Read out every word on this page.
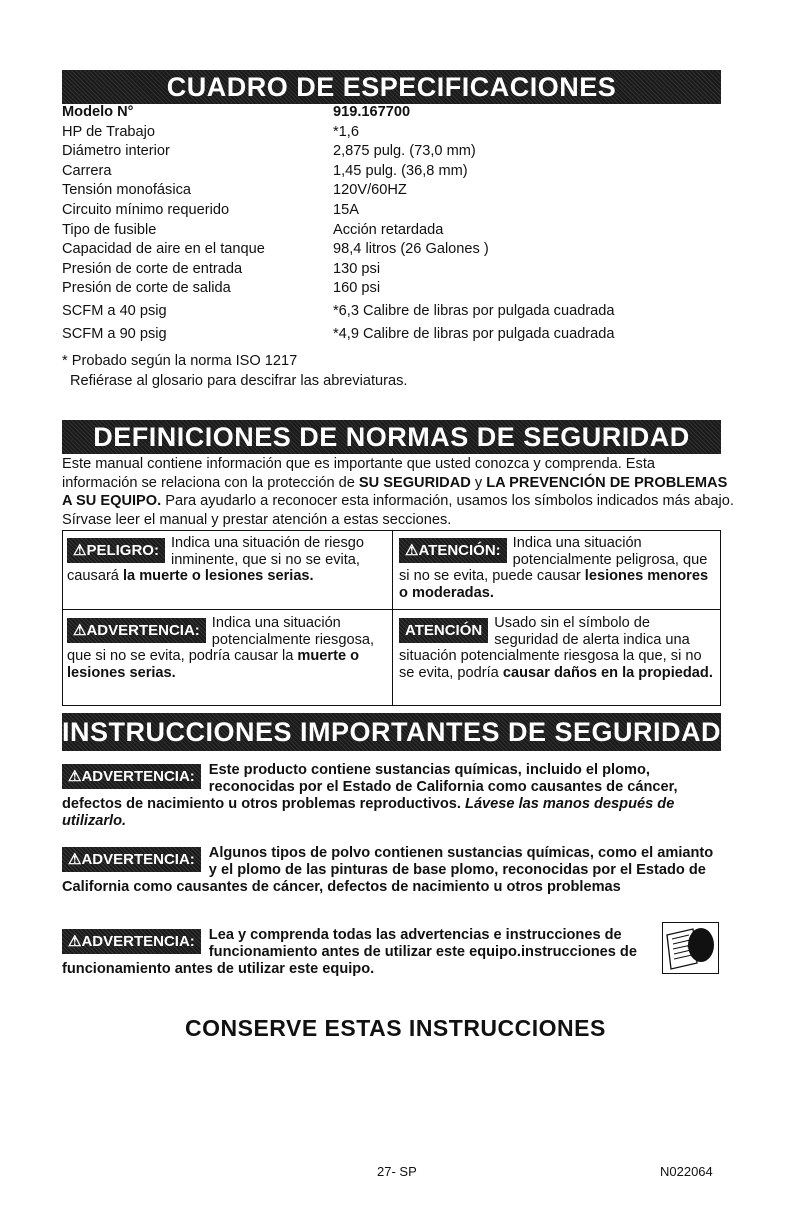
CUADRO DE ESPECIFICACIONES
Modelo N°	919.167700
HP de Trabajo	*1,6
Diámetro interior	2,875 pulg. (73,0 mm)
Carrera	1,45 pulg. (36,8 mm)
Tensión monofásica	120V/60HZ
Circuito mínimo requerido	15A
Tipo de fusible	Acción retardada
Capacidad de aire en el tanque	98,4 litros (26 Galones )
Presión de corte de entrada	130 psi
Presión de corte de salida	160 psi
SCFM a 40 psig	*6,3 Calibre de libras por pulgada cuadrada
SCFM a 90 psig	*4,9 Calibre de libras por pulgada cuadrada
* Probado según la norma ISO 1217
Refiérase al glosario para descifrar las abreviaturas.
DEFINICIONES DE NORMAS DE SEGURIDAD
Este manual contiene información que es importante que usted conozca y comprenda. Esta información se relaciona con la protección de SU SEGURIDAD y LA PREVENCIÓN DE PROBLEMAS A SU EQUIPO. Para ayudarlo a reconocer esta información, usamos los símbolos indicados más abajo. Sírvase leer el manual y prestar atención a estas secciones.
⚠PELIGRO: Indica una situación de riesgo inminente, que si no se evita, causará la muerte o lesiones serias.
⚠ATENCIÓN: Indica una situación potencialmente peligrosa, que si no se evita, puede causar lesiones menores o moderadas.
⚠ADVERTENCIA: Indica una situación potencialmente riesgosa, que si no se evita, podría causar la muerte o lesiones serias.
ATENCIÓN Usado sin el símbolo de seguridad de alerta indica una situación potencialmente riesgosa la que, si no se evita, podría causar daños en la propiedad.
INSTRUCCIONES IMPORTANTES DE SEGURIDAD
⚠ADVERTENCIA: Este producto contiene sustancias químicas, incluido el plomo, reconocidas por el Estado de California como causantes de cáncer, defectos de nacimiento u otros problemas reproductivos. Lávese las manos después de utilizarlo.
⚠ADVERTENCIA: Algunos tipos de polvo contienen sustancias químicas, como el amianto y el plomo de las pinturas de base plomo, reconocidas por el Estado de California como causantes de cáncer, defectos de nacimiento u otros problemas
⚠ADVERTENCIA: Lea y comprenda todas las advertencias e instrucciones de funcionamiento antes de utilizar este equipo.instrucciones de funcionamiento antes de utilizar este equipo.
CONSERVE ESTAS INSTRUCCIONES
27- SP	N022064
